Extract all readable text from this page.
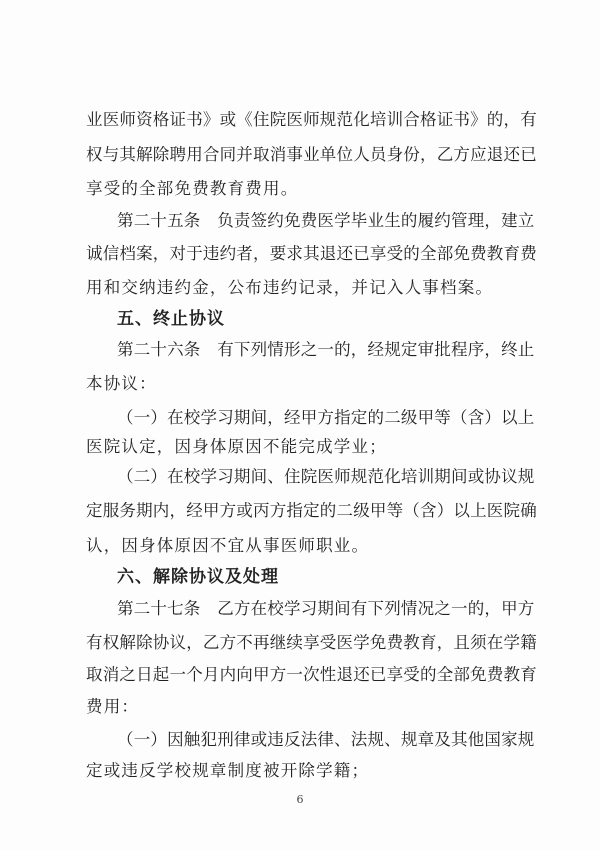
业医师资格证书》或《住院医师规范化培训合格证书》的，有
权与其解除聘用合同并取消事业单位人员身份，乙方应退还已
享受的全部免费教育费用。
第二十五条　负责签约免费医学毕业生的履约管理，建立
诚信档案，对于违约者，要求其退还已享受的全部免费教育费
用和交纳违约金，公布违约记录，并记入人事档案。
五、终止协议
第二十六条　有下列情形之一的，经规定审批程序，终止
本协议：
（一）在校学习期间，经甲方指定的二级甲等（含）以上
医院认定，因身体原因不能完成学业；
（二）在校学习期间、住院医师规范化培训期间或协议规
定服务期内，经甲方或丙方指定的二级甲等（含）以上医院确
认，因身体原因不宜从事医师职业。
六、解除协议及处理
第二十七条　乙方在校学习期间有下列情况之一的，甲方
有权解除协议，乙方不再继续享受医学免费教育，且须在学籍
取消之日起一个月内向甲方一次性退还已享受的全部免费教育
费用：
（一）因触犯刑律或违反法律、法规、规章及其他国家规
定或违反学校规章制度被开除学籍；
6
